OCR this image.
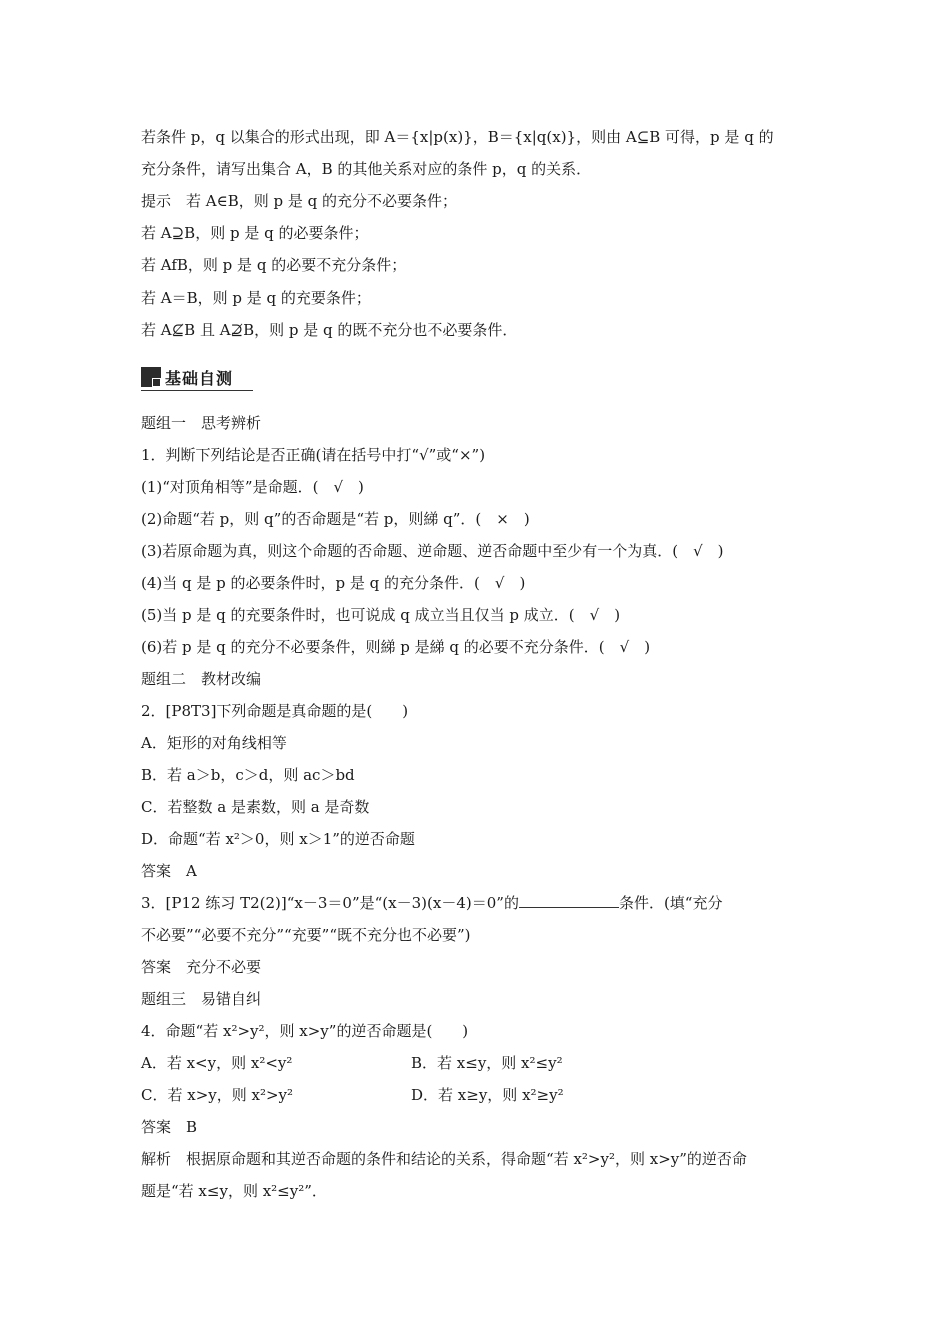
若条件 p，q 以集合的形式出现，即 A＝{x|p(x)}，B＝{x|q(x)}，则由 A⊆B 可得，p 是 q 的
充分条件，请写出集合 A，B 的其他关系对应的条件 p，q 的关系．
提示　若 A∈B，则 p 是 q 的充分不必要条件；
若 A⊇B，则 p 是 q 的必要条件；
若 AfB，则 p 是 q 的必要不充分条件；
若 A＝B，则 p 是 q 的充要条件；
若 A⊈B 且 A⊉B，则 p 是 q 的既不充分也不必要条件．
基础自测
题组一　思考辨析
1．判断下列结论是否正确(请在括号中打“√”或“×”)
(1)“对顶角相等”是命题．(　√　)
(2)命题“若 p，则 q”的否命题是“若 p，则綈 q”．(　×　)
(3)若原命题为真，则这个命题的否命题、逆命题、逆否命题中至少有一个为真．(　√　)
(4)当 q 是 p 的必要条件时，p 是 q 的充分条件．(　√　)
(5)当 p 是 q 的充要条件时，也可说成 q 成立当且仅当 p 成立．(　√　)
(6)若 p 是 q 的充分不必要条件，则綈 p 是綈 q 的必要不充分条件．(　√　)
题组二　教材改编
2．[P8T3]下列命题是真命题的是(　　)
A．矩形的对角线相等
B．若 a＞b，c＞d，则 ac＞bd
C．若整数 a 是素数，则 a 是奇数
D．命题“若 x²＞0，则 x＞1”的逆否命题
答案　A
3．[P12 练习 T2(2)]“x－3＝0”是“(x－3)(x－4)＝0”的	条件．(填“充分
不必要”“必要不充分”“充要”“既不充分也不必要”)
答案　充分不必要
题组三　易错自纠
4．命题“若 x²>y²，则 x>y”的逆否命题是(　　)
A．若 x<y，则 x²<y²	B．若 x≤y，则 x²≤y²
C．若 x>y，则 x²>y²	D．若 x≥y，则 x²≥y²
答案　B
解析　根据原命题和其逆否命题的条件和结论的关系，得命题“若 x²>y²，则 x>y”的逆否命
题是“若 x≤y，则 x²≤y²”．
